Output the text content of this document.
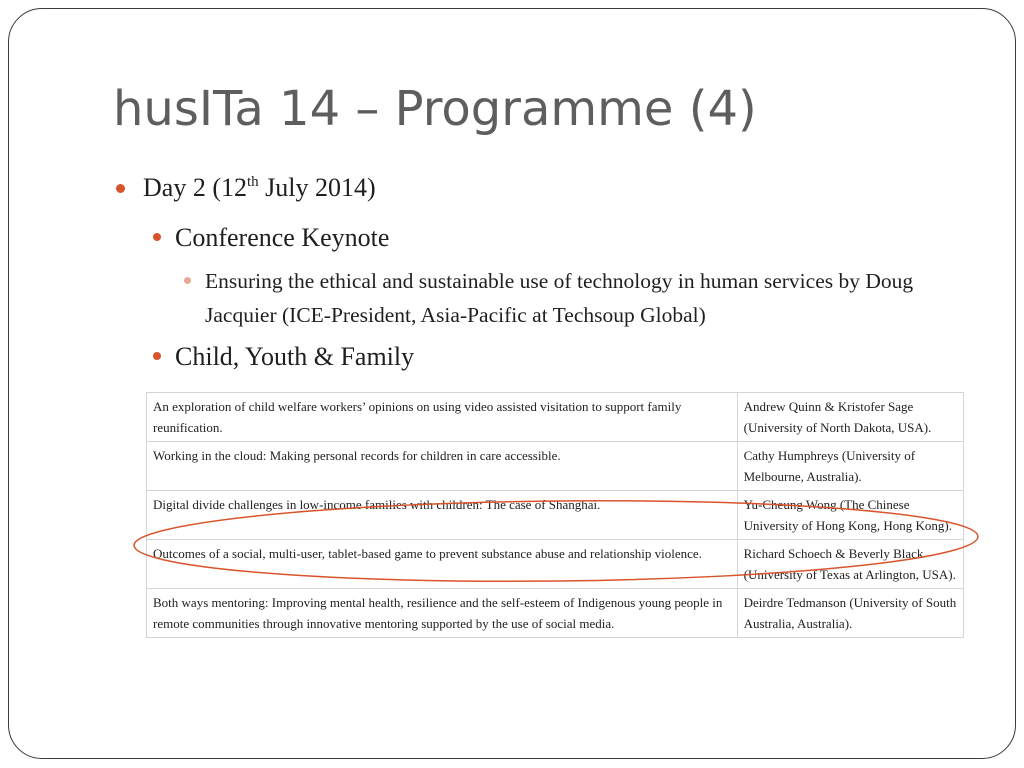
husITa 14 – Programme (4)
Day 2 (12th July 2014)
Conference Keynote
Ensuring the ethical and sustainable use of technology in human services by Doug Jacquier (ICE-President, Asia-Pacific at Techsoup Global)
Child, Youth & Family
An exploration of child welfare workers’ opinions on using video assisted visitation to support family reunification.	Andrew Quinn & Kristofer Sage (University of North Dakota, USA).
Working in the cloud: Making personal records for children in care accessible.	Cathy Humphreys (University of Melbourne, Australia).
Digital divide challenges in low-income families with children: The case of Shanghai.	Yu-Cheung Wong (The Chinese University of Hong Kong, Hong Kong).
Outcomes of a social, multi-user, tablet-based game to prevent substance abuse and relationship violence.	Richard Schoech & Beverly Black (University of Texas at Arlington, USA).
Both ways mentoring: Improving mental health, resilience and the self-esteem of Indigenous young people in remote communities through innovative mentoring supported by the use of social media.	Deirdre Tedmanson (University of South Australia, Australia).
